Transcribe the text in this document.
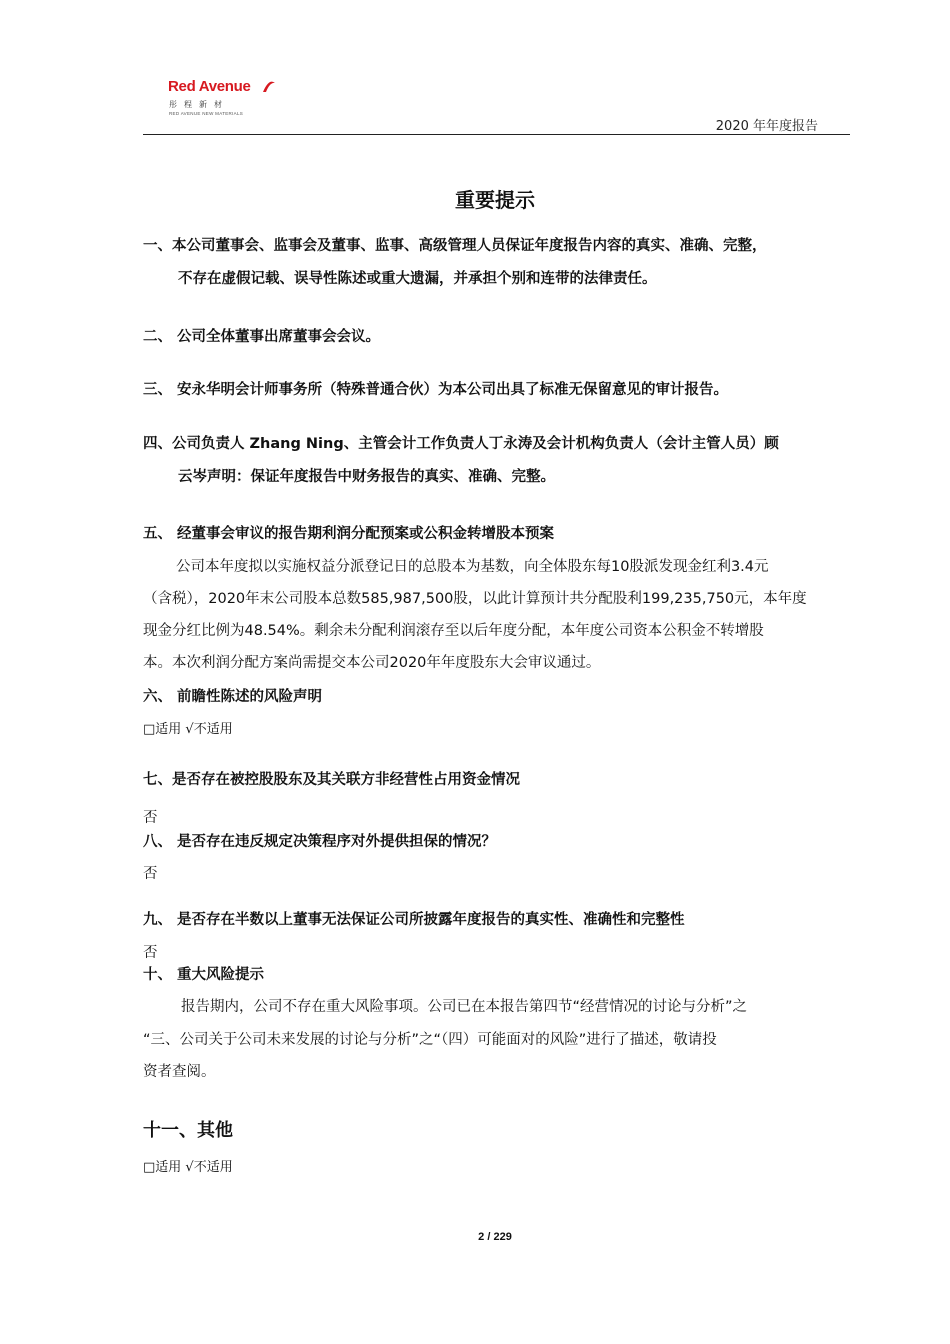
Red Avenue
彤程新材
RED AVENUE NEW MATERIALS
2020 年年度报告
重要提示
一、本公司董事会、监事会及董事、监事、高级管理人员保证年度报告内容的真实、准确、完整，
不存在虚假记载、误导性陈述或重大遗漏，并承担个别和连带的法律责任。
二、 公司全体董事出席董事会会议。
三、 安永华明会计师事务所（特殊普通合伙）为本公司出具了标准无保留意见的审计报告。
四、公司负责人 Zhang Ning、主管会计工作负责人丁永涛及会计机构负责人（会计主管人员）顾
云岑声明：保证年度报告中财务报告的真实、准确、完整。
五、 经董事会审议的报告期利润分配预案或公积金转增股本预案
公司本年度拟以实施权益分派登记日的总股本为基数，向全体股东每10股派发现金红利3.4元
（含税），2020年末公司股本总数585,987,500股，以此计算预计共分配股利199,235,750元，本年度
现金分红比例为48.54%。剩余未分配利润滚存至以后年度分配，本年度公司资本公积金不转增股
本。本次利润分配方案尚需提交本公司2020年年度股东大会审议通过。
六、 前瞻性陈述的风险声明
□适用 √不适用
七、是否存在被控股股东及其关联方非经营性占用资金情况
否
八、 是否存在违反规定决策程序对外提供担保的情况？
否
九、 是否存在半数以上董事无法保证公司所披露年度报告的真实性、准确性和完整性
否
十、 重大风险提示
报告期内，公司不存在重大风险事项。公司已在本报告第四节“经营情况的讨论与分析”之
“三、公司关于公司未来发展的讨论与分析”之“（四）可能面对的风险”进行了描述，敬请投
资者查阅。
十一、其他
□适用 √不适用
2 / 229
